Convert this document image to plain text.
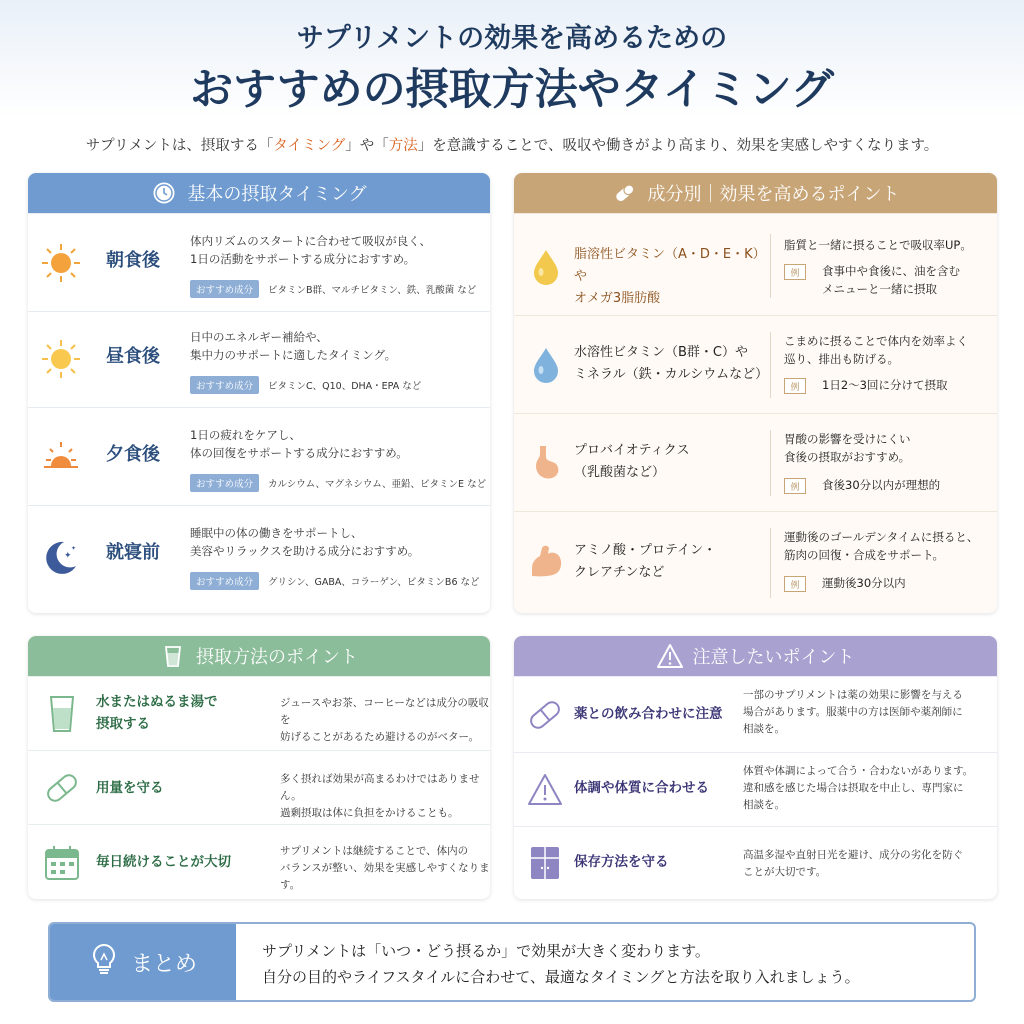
サプリメントの効果を高めるための
おすすめの摂取方法やタイミング
サプリメントは、摂取する「タイミング」や「方法」を意識することで、吸収や働きがより高まり、効果を実感しやすくなります。
基本の摂取タイミング
朝食後
体内リズムのスタートに合わせて吸収が良く、
1日の活動をサポートする成分におすすめ。
おすすめ成分	ビタミンB群、マルチビタミン、鉄、乳酸菌 など
昼食後
日中のエネルギー補給や、
集中力のサポートに適したタイミング。
おすすめ成分	ビタミンC、Q10、DHA・EPA など
夕食後
1日の疲れをケアし、
体の回復をサポートする成分におすすめ。
おすすめ成分	カルシウム、マグネシウム、亜鉛、ビタミンE など
✦
✦ 就寝前
睡眠中の体の働きをサポートし、
美容やリラックスを助ける成分におすすめ。
おすすめ成分	グリシン、GABA、コラーゲン、ビタミンB6 など
成分別｜効果を高めるポイント
脂溶性ビタミン（A・D・E・K）や
オメガ3脂肪酸
脂質と一緒に摂ることで吸収率UP。
例	食事中や食後に、油を含む
メニューと一緒に摂取
水溶性ビタミン（B群・C）や
ミネラル（鉄・カルシウムなど）
こまめに摂ることで体内を効率よく
巡り、排出も防げる。
例	1日2〜3回に分けて摂取
プロバイオティクス
（乳酸菌など）
胃酸の影響を受けにくい
食後の摂取がおすすめ。
例	食後30分以内が理想的
アミノ酸・プロテイン・
クレアチンなど
運動後のゴールデンタイムに摂ると、
筋肉の回復・合成をサポート。
例	運動後30分以内
摂取方法のポイント
水またはぬるま湯で
摂取する
ジュースやお茶、コーヒーなどは成分の吸収を
妨げることがあるため避けるのがベター。
用量を守る
多く摂れば効果が高まるわけではありません。
過剰摂取は体に負担をかけることも。
毎日続けることが大切
サプリメントは継続することで、体内の
バランスが整い、効果を実感しやすくなります。
注意したいポイント
薬との飲み合わせに注意
一部のサプリメントは薬の効果に影響を与える
場合があります。服薬中の方は医師や薬剤師に
相談を。
体調や体質に合わせる
体質や体調によって合う・合わないがあります。
違和感を感じた場合は摂取を中止し、専門家に
相談を。
保存方法を守る	高温多湿や直射日光を避け、成分の劣化を防ぐ
ことが大切です。
まとめ
サプリメントは「いつ・どう摂るか」で効果が大きく変わります。
自分の目的やライフスタイルに合わせて、最適なタイミングと方法を取り入れましょう。
